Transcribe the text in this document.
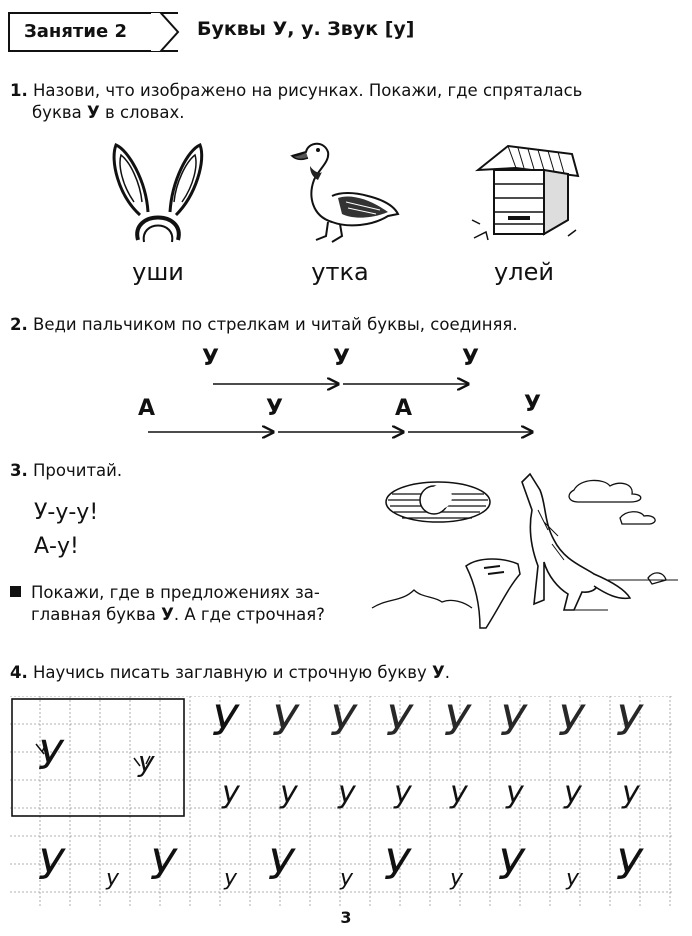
Занятие 2	Буквы У, у. Звук [у]
1. Назови, что изображено на рисунках. Покажи, где спряталась
буква У в словах.
уши	утка	улей
2. Веди пальчиком по стрелкам и читай буквы, соединяя.
У	У	У
А	У	А	У
3. Прочитай.
У-у-у!
А-у!
Покажи, где в предложениях за-
главная буква У. А где строчная?
4. Научись писать заглавную и строчную букву У.
У	у
У У У У У У У У
у у у у у у у у
У у У у У у У у У у У
3
